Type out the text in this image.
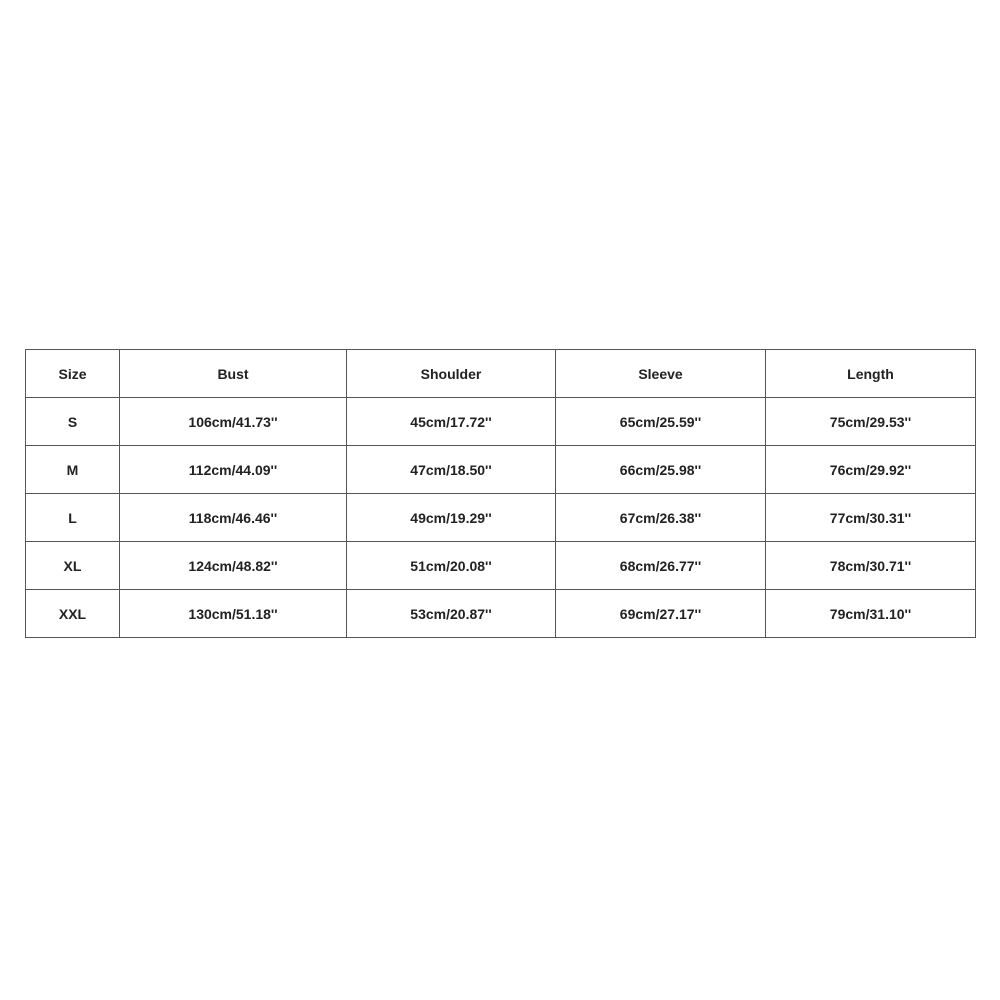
Size	Bust	Shoulder	Sleeve	Length
S	106cm/41.73''	45cm/17.72''	65cm/25.59''	75cm/29.53''
M	112cm/44.09''	47cm/18.50''	66cm/25.98''	76cm/29.92''
L	118cm/46.46''	49cm/19.29''	67cm/26.38''	77cm/30.31''
XL	124cm/48.82''	51cm/20.08''	68cm/26.77''	78cm/30.71''
XXL	130cm/51.18''	53cm/20.87''	69cm/27.17''	79cm/31.10''
